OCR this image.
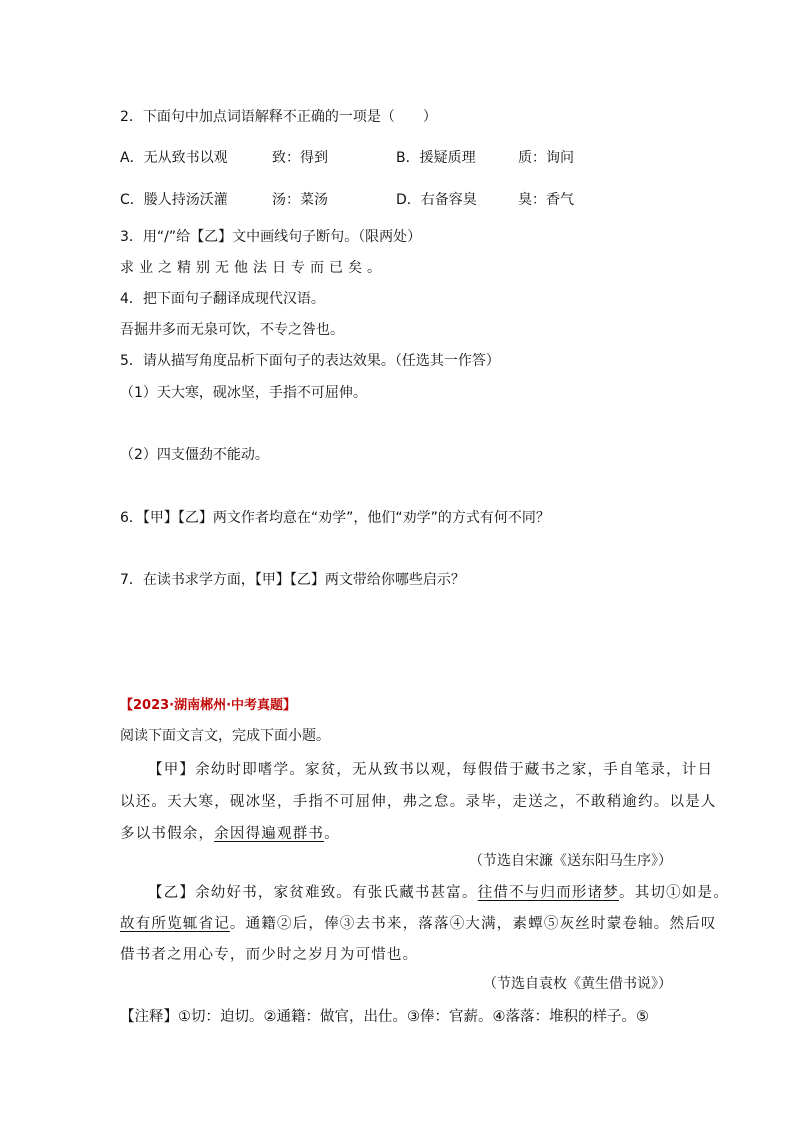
2．下面句中加点词语解释不正确的一项是（　　）
A．无从致书以观	致：得到	B．援疑质理	质：询问
C．媵人持汤沃灌	汤：菜汤	D．右备容臭	臭：香气
3．用“/”给【乙】文中画线句子断句。（限两处）
求业之精别无他法日专而已矣。
4．把下面句子翻译成现代汉语。
吾掘井多而无泉可饮，不专之咎也。
5．请从描写角度品析下面句子的表达效果。（任选其一作答）
（1）天大寒，砚冰坚，手指不可屈伸。
（2）四支僵劲不能动。
6．【甲】【乙】两文作者均意在“劝学”，他们“劝学”的方式有何不同？
7．在读书求学方面，【甲】【乙】两文带给你哪些启示？
【2023·湖南郴州·中考真题】
阅读下面文言文，完成下面小题。
【甲】余幼时即嗜学。家贫，无从致书以观，每假借于藏书之家，手自笔录，计日
以还。天大寒，砚冰坚，手指不可屈伸，弗之怠。录毕，走送之，不敢稍逾约。以是人
多以书假余，余因得遍观群书。
（节选自宋濂《送东阳马生序》）
【乙】余幼好书，家贫难致。有张氏藏书甚富。往借不与归而形诸梦。其切①如是。
故有所览辄省记。通籍②后，俸③去书来，落落④大满，素蟫⑤灰丝时蒙卷轴。然后叹
借书者之用心专，而少时之岁月为可惜也。
（节选自袁枚《黄生借书说》）
【注释】①切：迫切。②通籍：做官，出仕。③俸：官薪。④落落：堆积的样子。⑤
